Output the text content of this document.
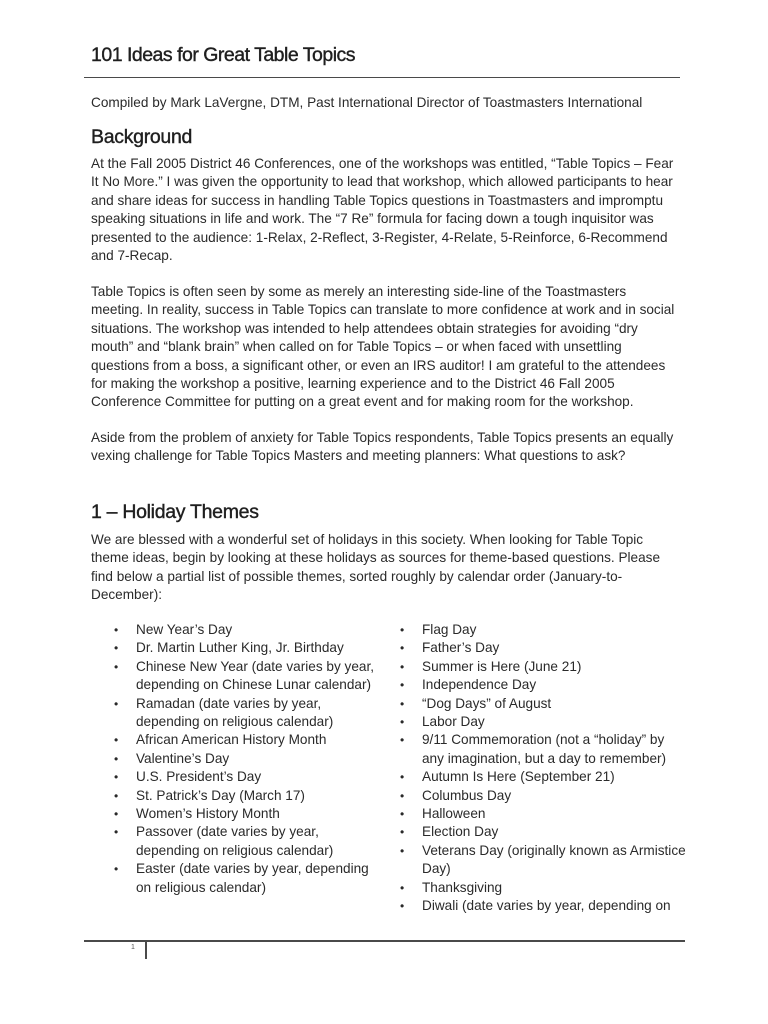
101 Ideas for Great Table Topics
Compiled by Mark LaVergne, DTM, Past International Director of Toastmasters International
Background

At the Fall 2005 District 46 Conferences, one of the workshops was entitled, “Table Topics – Fear It No More.” I was given the opportunity to lead that workshop, which allowed participants to hear and share ideas for success in handling Table Topics questions in Toastmasters and impromptu speaking situations in life and work. The “7 Re” formula for facing down a tough inquisitor was presented to the audience: 1-Relax, 2-Reflect, 3-Register, 4-Relate, 5-Reinforce, 6-Recommend and 7-Recap.

Table Topics is often seen by some as merely an interesting side-line of the Toastmasters meeting. In reality, success in Table Topics can translate to more confidence at work and in social situations. The workshop was intended to help attendees obtain strategies for avoiding “dry mouth” and “blank brain” when called on for Table Topics – or when faced with unsettling questions from a boss, a significant other, or even an IRS auditor! I am grateful to the attendees for making the workshop a positive, learning experience and to the District 46 Fall 2005 Conference Committee for putting on a great event and for making room for the workshop.

Aside from the problem of anxiety for Table Topics respondents, Table Topics presents an equally vexing challenge for Table Topics Masters and meeting planners: What questions to ask?

1 – Holiday Themes

We are blessed with a wonderful set of holidays in this society. When looking for Table Topic theme ideas, begin by looking at these holidays as sources for theme-based questions. Please find below a partial list of possible themes, sorted roughly by calendar order (January-to-December):

• New Year’s Day
• Dr. Martin Luther King, Jr. Birthday
• Chinese New Year (date varies by year, depending on Chinese Lunar calendar)
• Ramadan (date varies by year, depending on religious calendar)
• African American History Month
• Valentine’s Day
• U.S. President’s Day
• St. Patrick’s Day (March 17)
• Women’s History Month
• Passover (date varies by year, depending on religious calendar)
• Easter (date varies by year, depending on religious calendar)
• Flag Day
• Father’s Day
• Summer is Here (June 21)
• Independence Day
• “Dog Days” of August
• Labor Day
• 9/11 Commemoration (not a “holiday” by any imagination, but a day to remember)
• Autumn Is Here (September 21)
• Columbus Day
• Halloween
• Election Day
• Veterans Day (originally known as Armistice Day)
• Thanksgiving
• Diwali (date varies by year, depending on
1
